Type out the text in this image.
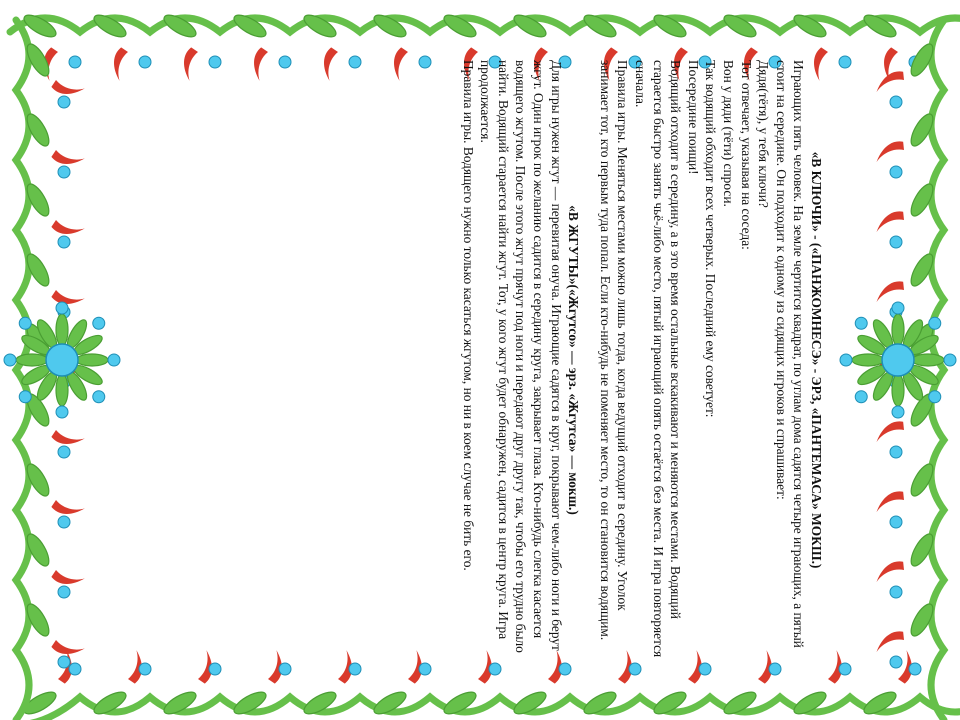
«В КЛЮЧИ» - («ПАНЖОМНЕСЭ» - ЭРЗ, «ПАНТЕМАСА» МОКШ.)

Играющих пять человек. На земле чертится квадрат, по углам дома садятся четыре играющих, а пятый стоит на середине. Он подходит к одному из сидящих игроков и спрашивает:

Дядя(тётя), у тебя ключи?

Тот отвечает, указывая на соседа:

Вон у дяди (тёти) спроси.

Так водящий обходит всех четверых. Последний ему советует:

Посередине поищи!

Водящий отходит в середину, а в это время остальные вскакивают и меняются местами. Водящий старается быстро занять чьё-либо место, пятый играющий опять остаётся без места. И игра повторяется сначала.

Правила игры. Меняться местами можно лишь тогда, когда ведущий отходит в середину. Уголок занимает тот, кто первым туда попал. Если кто-нибудь не поменяет место, то он становится водящим.

«В ЖГУТЫ»(«Жгутсо» — эрз. «Жгутса» — мокш.)

Для игры нужен жгут — перевитая онуча. Играющие садятся в круг, покрывают чем-либо ноги и берут жгут. Один игрок по желанию садится в середину круга, закрывает глаза. Кто-нибудь слегка касается водящего жгутом. После этого жгут прячут под ноги и передают друг другу так, чтобы его трудно было найти. Водящий старается найти жгут. Тот, у кого жгут будет обнаружен, садится в центр круга. Игра продолжается.

Правила игры. Водящего нужно только касаться жгутом, но ни в коем случае не бить его.
